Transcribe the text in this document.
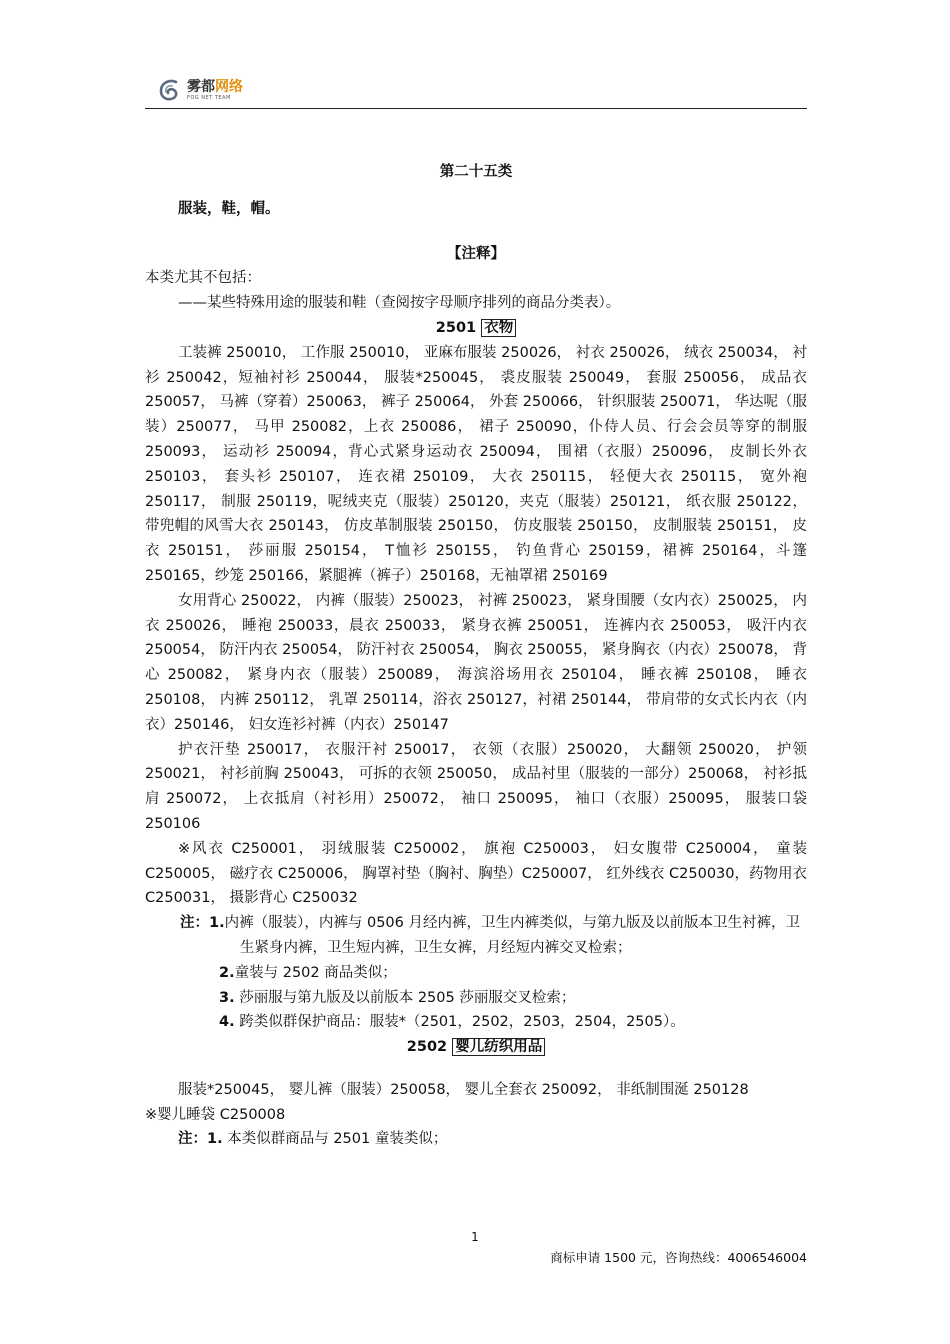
雾都网络
FOG NET TEAM

第二十五类

服装，鞋，帽。

【注释】

本类尤其不包括：

——某些特殊用途的服装和鞋（查阅按字母顺序排列的商品分类表）。

2501 衣物

工装裤 250010， 工作服 250010， 亚麻布服装 250026， 衬衣 250026， 绒衣 250034， 衬衫 250042，短袖衬衫 250044， 服装*250045， 裘皮服装 250049， 套服 250056， 成品衣 250057， 马裤（穿着）250063， 裤子 250064， 外套 250066， 针织服装 250071， 华达呢（服装）250077， 马甲 250082，上衣 250086， 裙子 250090，仆侍人员、行会会员等穿的制服 250093， 运动衫 250094，背心式紧身运动衣 250094， 围裙（衣服）250096， 皮制长外衣 250103， 套头衫 250107， 连衣裙 250109， 大衣 250115， 轻便大衣 250115， 宽外袍 250117， 制服 250119，呢绒夹克（服装）250120，夹克（服装）250121， 纸衣服 250122， 带兜帽的风雪大衣 250143， 仿皮革制服装 250150， 仿皮服装 250150， 皮制服装 250151， 皮衣 250151， 莎丽服 250154， T恤衫 250155， 钓鱼背心 250159，裙裤 250164，斗篷 250165，纱笼 250166，紧腿裤（裤子）250168，无袖罩裙 250169

女用背心 250022， 内裤（服装）250023， 衬裤 250023， 紧身围腰（女内衣）250025， 内衣 250026， 睡袍 250033，晨衣 250033， 紧身衣裤 250051， 连裤内衣 250053， 吸汗内衣 250054， 防汗内衣 250054， 防汗衬衣 250054， 胸衣 250055， 紧身胸衣（内衣）250078， 背心 250082， 紧身内衣（服装）250089， 海滨浴场用衣 250104， 睡衣裤 250108， 睡衣 250108， 内裤 250112， 乳罩 250114，浴衣 250127，衬裙 250144， 带肩带的女式长内衣（内衣）250146， 妇女连衫衬裤（内衣）250147

护衣汗垫 250017， 衣服汗衬 250017， 衣领（衣服）250020， 大翻领 250020， 护领 250021， 衬衫前胸 250043， 可拆的衣领 250050， 成品衬里（服装的一部分）250068， 衬衫抵肩 250072， 上衣抵肩（衬衫用）250072， 袖口 250095， 袖口（衣服）250095， 服装口袋 250106

※风衣 C250001， 羽绒服装 C250002， 旗袍 C250003， 妇女腹带 C250004， 童装 C250005， 磁疗衣 C250006， 胸罩衬垫（胸衬、胸垫）C250007， 红外线衣 C250030，药物用衣 C250031， 摄影背心 C250032

注：1.内裤（服装），内裤与 0506 月经内裤，卫生内裤类似，与第九版及以前版本卫生衬裤，卫生紧身内裤，卫生短内裤，卫生女裤，月经短内裤交叉检索；

2.童装与 2502 商品类似；

3. 莎丽服与第九版及以前版本 2505 莎丽服交叉检索；

4. 跨类似群保护商品：服装*（2501，2502，2503，2504，2505）。

2502 婴儿纺织用品

服装*250045， 婴儿裤（服装）250058， 婴儿全套衣 250092， 非纸制围涎 250128

※婴儿睡袋 C250008

注：1. 本类似群商品与 2501 童装类似；

1
商标申请 1500 元，咨询热线：4006546004
